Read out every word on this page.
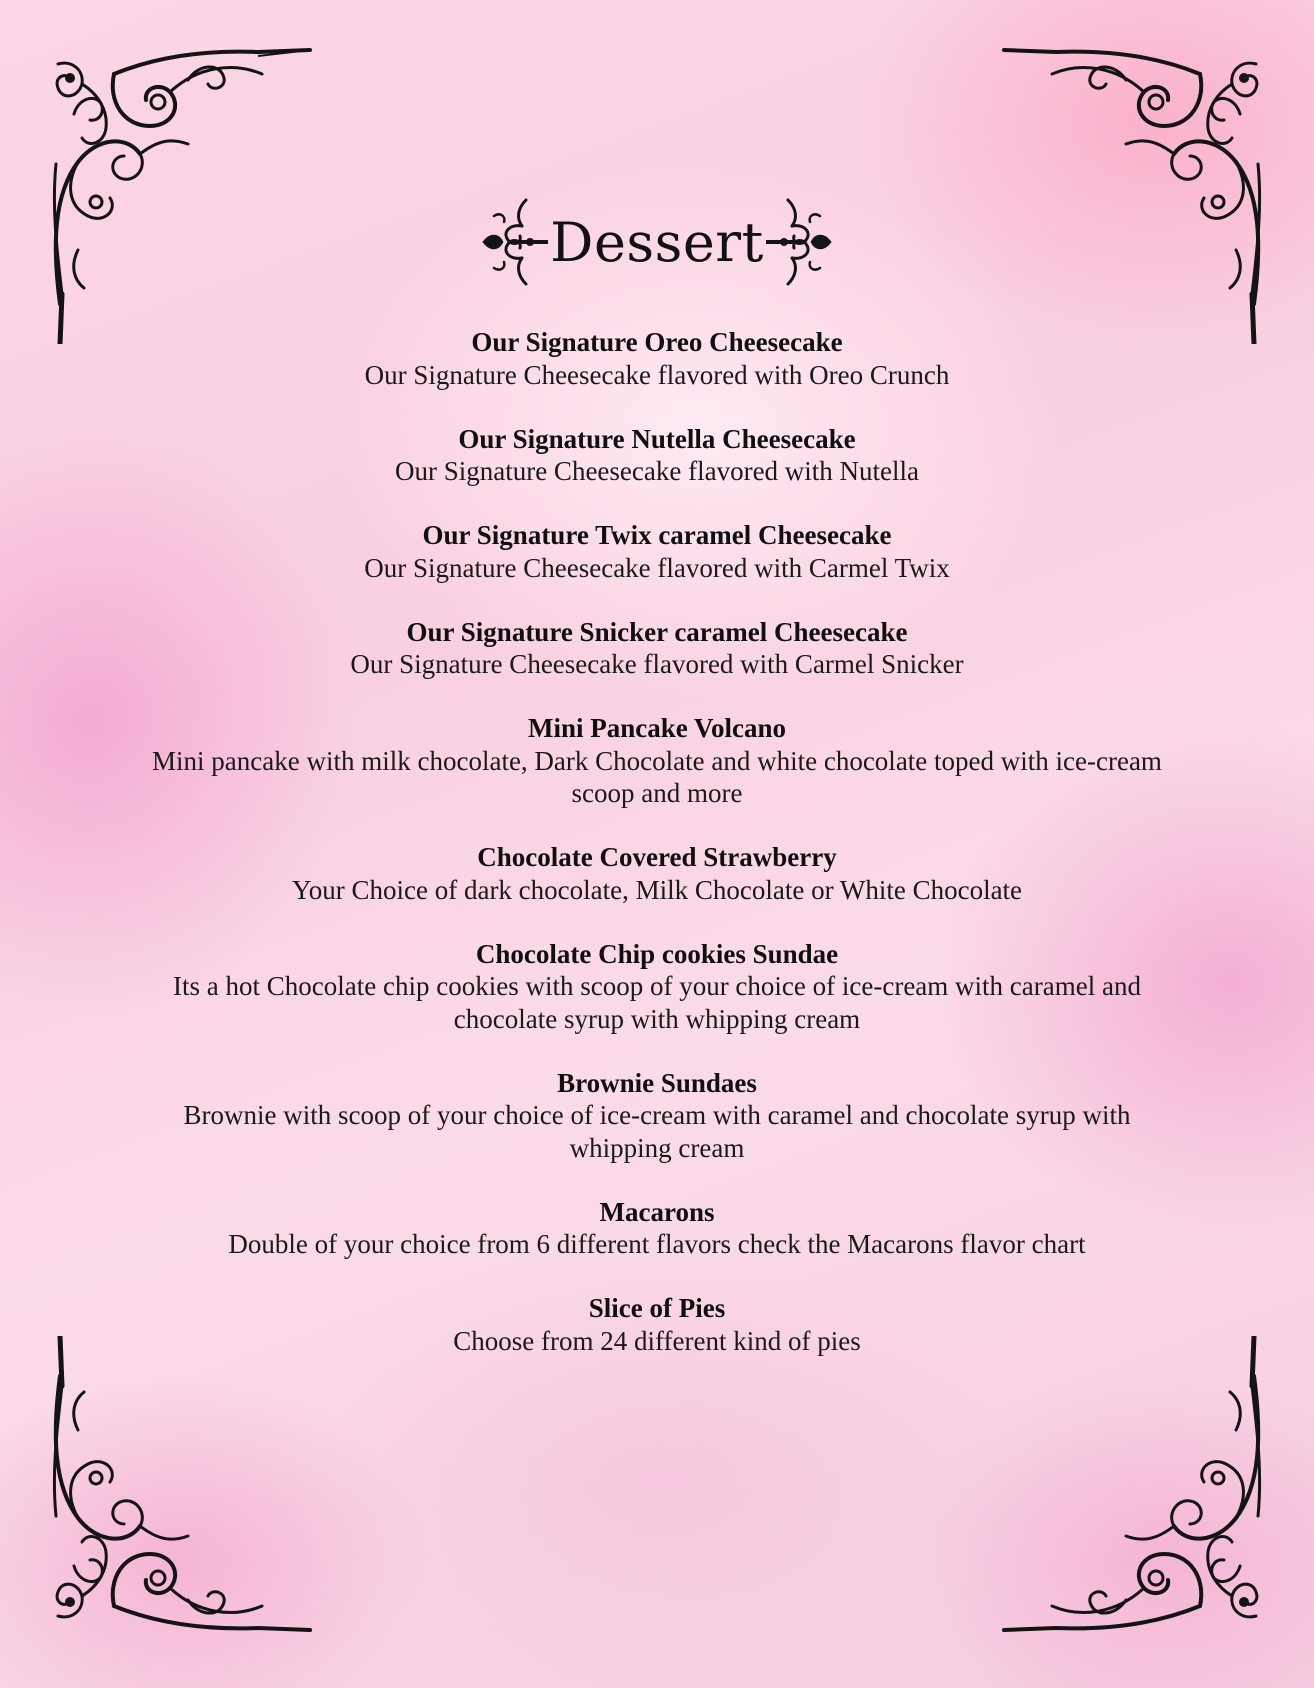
Dessert
Our Signature Oreo Cheesecake
Our Signature Cheesecake flavored with Oreo Crunch
Our Signature Nutella Cheesecake
Our Signature Cheesecake flavored with Nutella
Our Signature Twix caramel Cheesecake
Our Signature Cheesecake flavored with Carmel Twix
Our Signature Snicker caramel Cheesecake
Our Signature Cheesecake flavored with Carmel Snicker
Mini Pancake Volcano
Mini pancake with milk chocolate, Dark Chocolate and white chocolate toped with ice-cream scoop and more
Chocolate Covered Strawberry
Your Choice of dark chocolate, Milk Chocolate or White Chocolate
Chocolate Chip cookies Sundae
Its a hot Chocolate chip cookies with scoop of your choice of ice-cream with caramel and chocolate syrup with whipping cream
Brownie Sundaes
Brownie with scoop of your choice of ice-cream with caramel and chocolate syrup with whipping cream
Macarons
Double of your choice from 6 different flavors check the Macarons flavor chart
Slice of Pies
Choose from 24 different kind of pies
